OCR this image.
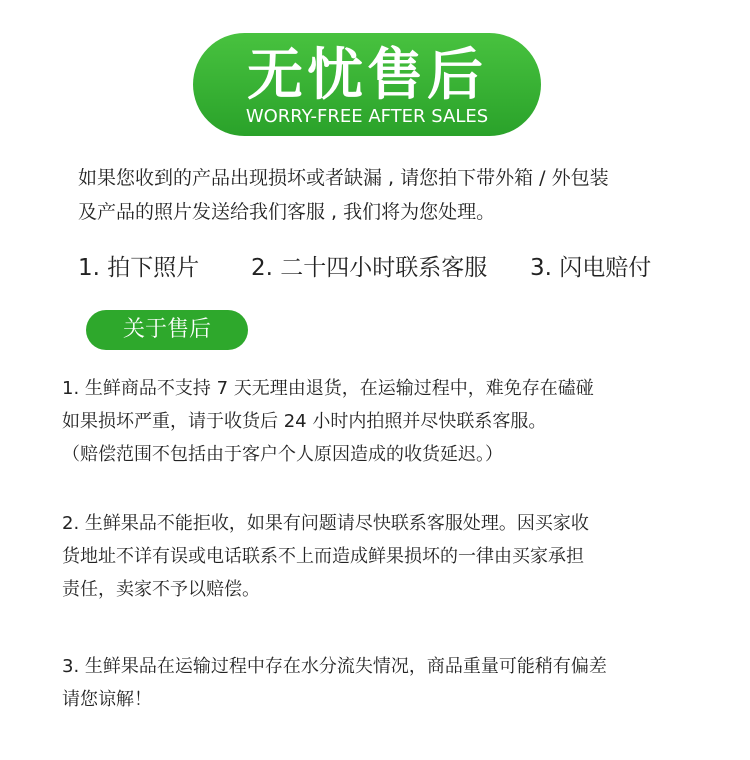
无忧售后
WORRY-FREE AFTER SALES

如果您收到的产品出现损坏或者缺漏 , 请您拍下带外箱 / 外包装

及产品的照片发送给我们客服 , 我们将为您处理。

1. 拍下照片 2. 二十四小时联系客服 3. 闪电赔付
关于售后

1. 生鲜商品不支持 7 天无理由退货，在运输过程中，难免存在磕碰

如果损坏严重，请于收货后 24 小时内拍照并尽快联系客服。

（赔偿范围不包括由于客户个人原因造成的收货延迟。）

2. 生鲜果品不能拒收，如果有问题请尽快联系客服处理。因买家收

货地址不详有误或电话联系不上而造成鲜果损坏的一律由买家承担

责任，卖家不予以赔偿。

3. 生鲜果品在运输过程中存在水分流失情况，商品重量可能稍有偏差

请您谅解！
